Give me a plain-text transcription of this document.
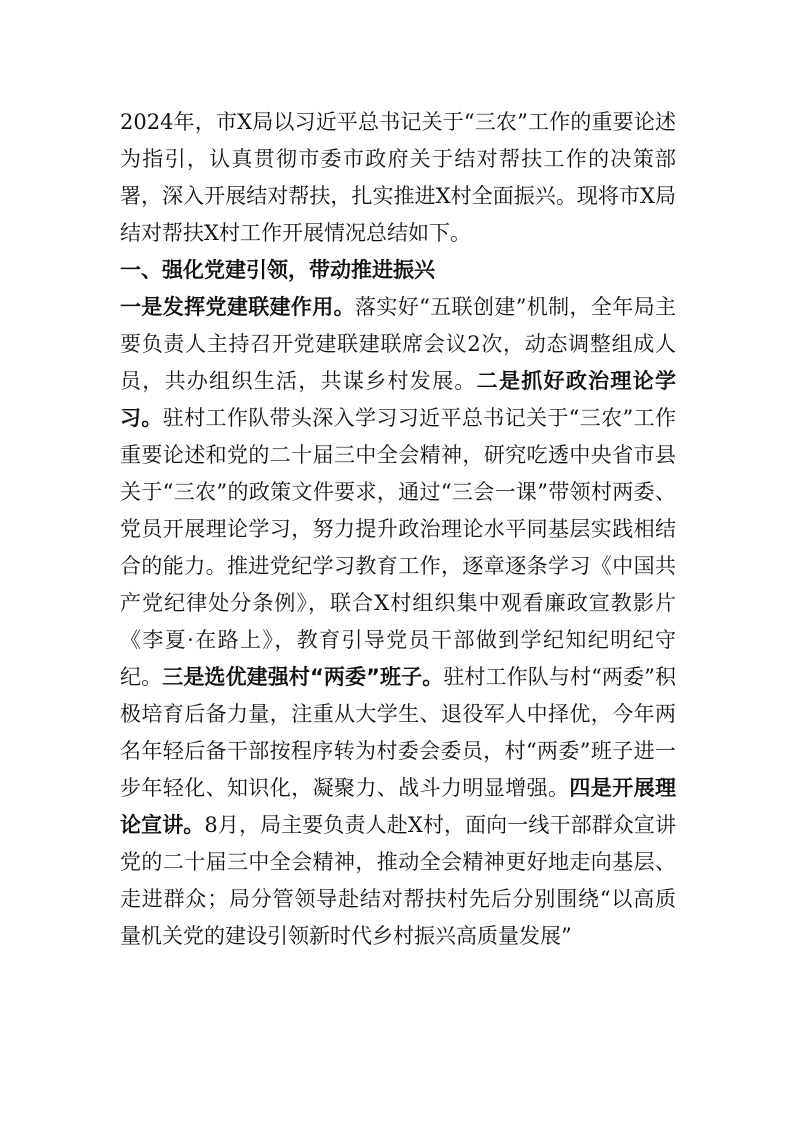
2024年，市X局以习近平总书记关于“三农”工作的重要论述为指引，认真贯彻市委市政府关于结对帮扶工作的决策部署，深入开展结对帮扶，扎实推进X村全面振兴。现将市X局结对帮扶X村工作开展情况总结如下。

一、强化党建引领，带动推进振兴

一是发挥党建联建作用。落实好“五联创建”机制，全年局主要负责人主持召开党建联建联席会议2次，动态调整组成人员，共办组织生活，共谋乡村发展。二是抓好政治理论学习。驻村工作队带头深入学习习近平总书记关于“三农”工作重要论述和党的二十届三中全会精神，研究吃透中央省市县关于“三农”的政策文件要求，通过“三会一课”带领村两委、党员开展理论学习，努力提升政治理论水平同基层实践相结合的能力。推进党纪学习教育工作，逐章逐条学习《中国共产党纪律处分条例》，联合X村组织集中观看廉政宣教影片《李夏·在路上》，教育引导党员干部做到学纪知纪明纪守纪。三是选优建强村“两委”班子。驻村工作队与村“两委”积极培育后备力量，注重从大学生、退役军人中择优，今年两名年轻后备干部按程序转为村委会委员，村“两委”班子进一步年轻化、知识化，凝聚力、战斗力明显增强。四是开展理论宣讲。8月，局主要负责人赴X村，面向一线干部群众宣讲党的二十届三中全会精神，推动全会精神更好地走向基层、走进群众；局分管领导赴结对帮扶村先后分别围绕“以高质量机关党的建设引领新时代乡村振兴高质量发展”
